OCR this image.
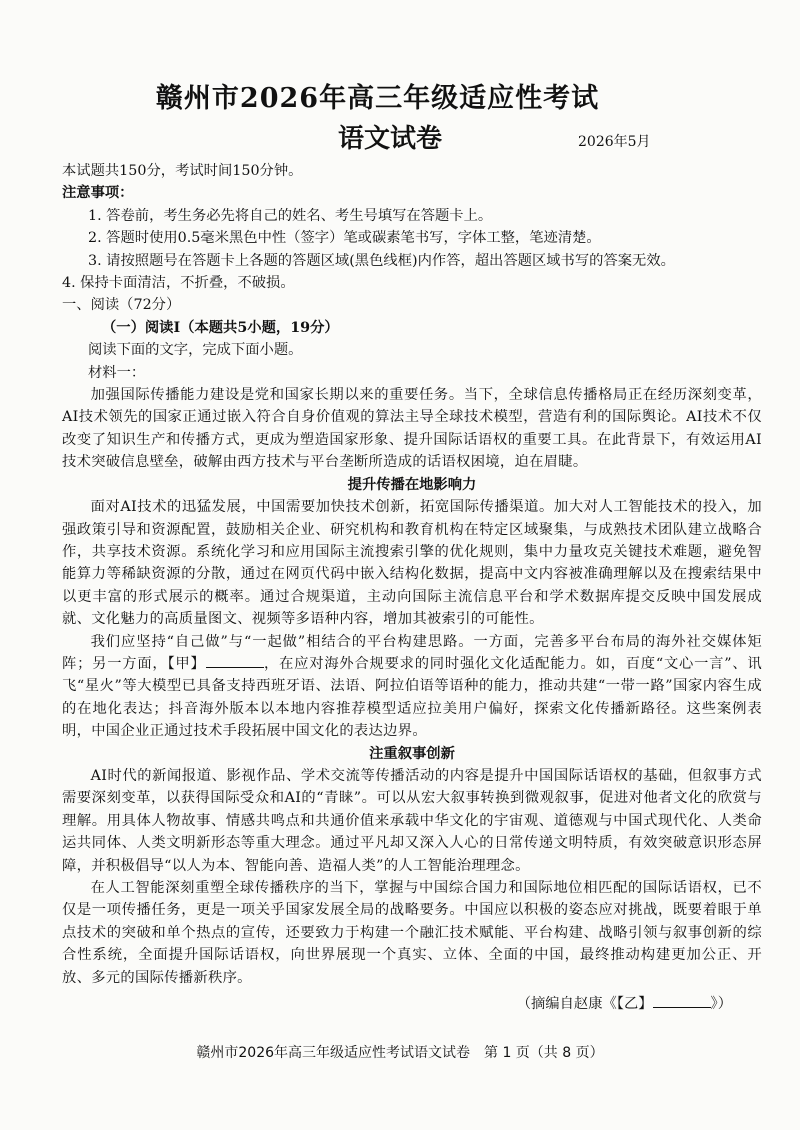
赣州市2026年高三年级适应性考试
语文试卷	2026年5月

本试题共150分，考试时间150分钟。

注意事项：

1. 答卷前，考生务必先将自己的姓名、考生号填写在答题卡上。

2. 答题时使用0.5毫米黑色中性（签字）笔或碳素笔书写，字体工整，笔迹清楚。

3. 请按照题号在答题卡上各题的答题区域(黑色线框)内作答，超出答题区域书写的答案无效。

4. 保持卡面清洁，不折叠，不破损。

一、阅读（72分）

（一）阅读Ⅰ（本题共5小题，19分）

阅读下面的文字，完成下面小题。

材料一：

加强国际传播能力建设是党和国家长期以来的重要任务。当下，全球信息传播格局正在经历深刻变革，AI技术领先的国家正通过嵌入符合自身价值观的算法主导全球技术模型，营造有利的国际舆论。AI技术不仅改变了知识生产和传播方式，更成为塑造国家形象、提升国际话语权的重要工具。在此背景下，有效运用AI技术突破信息壁垒，破解由西方技术与平台垄断所造成的话语权困境，迫在眉睫。

提升传播在地影响力

面对AI技术的迅猛发展，中国需要加快技术创新，拓宽国际传播渠道。加大对人工智能技术的投入，加强政策引导和资源配置，鼓励相关企业、研究机构和教育机构在特定区域聚集，与成熟技术团队建立战略合作，共享技术资源。系统化学习和应用国际主流搜索引擎的优化规则，集中力量攻克关键技术难题，避免智能算力等稀缺资源的分散，通过在网页代码中嵌入结构化数据，提高中文内容被准确理解以及在搜索结果中以更丰富的形式展示的概率。通过合规渠道，主动向国际主流信息平台和学术数据库提交反映中国发展成就、文化魅力的高质量图文、视频等多语种内容，增加其被索引的可能性。

我们应坚持“自己做”与“一起做”相结合的平台构建思路。一方面，完善多平台布局的海外社交媒体矩阵；另一方面，【甲】	，在应对海外合规要求的同时强化文化适配能力。如，百度“文心一言”、讯飞“星火”等大模型已具备支持西班牙语、法语、阿拉伯语等语种的能力，推动共建“一带一路”国家内容生成的在地化表达；抖音海外版本以本地内容推荐模型适应拉美用户偏好，探索文化传播新路径。这些案例表明，中国企业正通过技术手段拓展中国文化的表达边界。

注重叙事创新

AI时代的新闻报道、影视作品、学术交流等传播活动的内容是提升中国国际话语权的基础，但叙事方式需要深刻变革，以获得国际受众和AI的“青睐”。可以从宏大叙事转换到微观叙事，促进对他者文化的欣赏与理解。用具体人物故事、情感共鸣点和共通价值来承载中华文化的宇宙观、道德观与中国式现代化、人类命运共同体、人类文明新形态等重大理念。通过平凡却又深入人心的日常传递文明特质，有效突破意识形态屏障，并积极倡导“以人为本、智能向善、造福人类”的人工智能治理理念。

在人工智能深刻重塑全球传播秩序的当下，掌握与中国综合国力和国际地位相匹配的国际话语权，已不仅是一项传播任务，更是一项关乎国家发展全局的战略要务。中国应以积极的姿态应对挑战，既要着眼于单点技术的突破和单个热点的宣传，还要致力于构建一个融汇技术赋能、平台构建、战略引领与叙事创新的综合性系统，全面提升国际话语权，向世界展现一个真实、立体、全面的中国，最终推动构建更加公正、开放、多元的国际传播新秩序。

（摘编自赵康《【乙】	》）

赣州市2026年高三年级适应性考试语文试卷　第 1 页（共 8 页）
